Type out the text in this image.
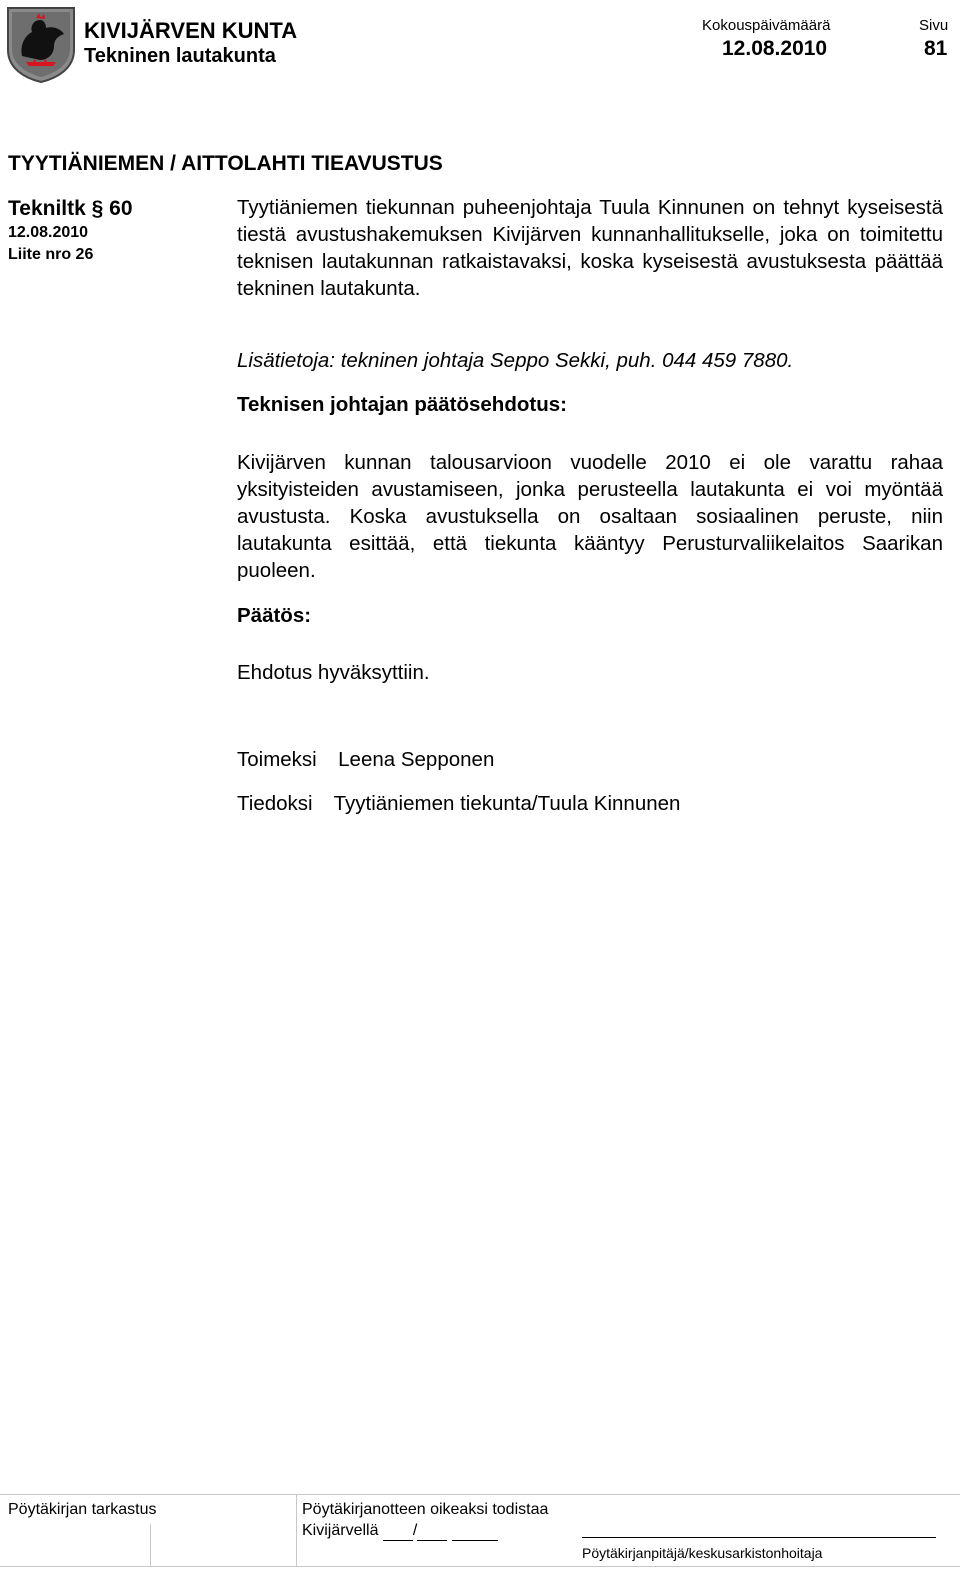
KIVIJÄRVEN KUNTA
Tekninen lautakunta
Kokouspäivämäärä
12.08.2010
Sivu
81
TYYTIÄNIEMEN / AITTOLAHTI TIEAVUSTUS
Tekniltk § 60
12.08.2010
Liite nro 26
Tyytiäniemen tiekunnan puheenjohtaja Tuula Kinnunen on tehnyt kyseisestä tiestä avustushakemuksen Kivijärven kunnanhallitukselle, joka on toimitettu teknisen lautakunnan ratkaistavaksi, koska kyseisestä avustuksesta päättää tekninen lautakunta.
Lisätietoja: tekninen johtaja Seppo Sekki, puh. 044 459 7880.
Teknisen johtajan päätösehdotus:
Kivijärven kunnan talousarvioon vuodelle 2010 ei ole varattu rahaa yksityisteiden avustamiseen, jonka perusteella lautakunta ei voi myöntää avustusta. Koska avustuksella on osaltaan sosiaalinen peruste, niin lautakunta esittää, että tiekunta kääntyy Perusturvaliikelaitos Saarikan puoleen.
Päätös:
Ehdotus hyväksyttiin.
Toimeksi Leena Sepponen
Tiedoksi Tyytiäniemen tiekunta/Tuula Kinnunen
Pöytäkirjan tarkastus	Pöytäkirjanotteen oikeaksi todistaa
Kivijärvellä /
Pöytäkirjanpitäjä/keskusarkistonhoitaja
